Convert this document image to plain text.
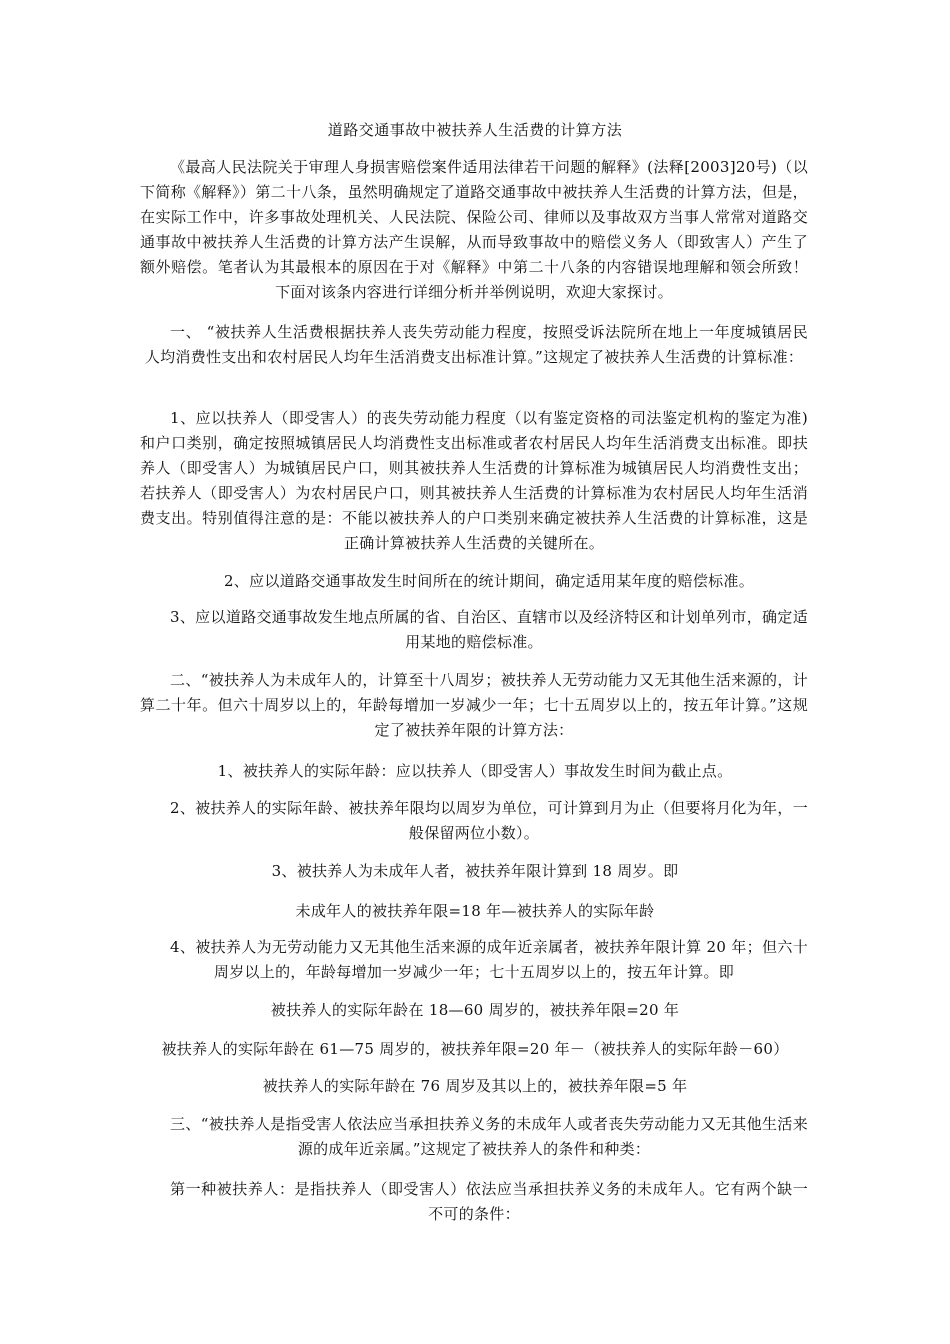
道路交通事故中被扶养人生活费的计算方法
《最高人民法院关于审理人身损害赔偿案件适用法律若干问题的解释》(法释[2003]20号)（以下简称《解释》）第二十八条，虽然明确规定了道路交通事故中被扶养人生活费的计算方法，但是，在实际工作中，许多事故处理机关、人民法院、保险公司、律师以及事故双方当事人常常对道路交通事故中被扶养人生活费的计算方法产生误解，从而导致事故中的赔偿义务人（即致害人）产生了额外赔偿。笔者认为其最根本的原因在于对《解释》中第二十八条的内容错误地理解和领会所致！下面对该条内容进行详细分析并举例说明，欢迎大家探讨。
一、 “被扶养人生活费根据扶养人丧失劳动能力程度，按照受诉法院所在地上一年度城镇居民人均消费性支出和农村居民人均年生活消费支出标准计算。”这规定了被扶养人生活费的计算标准：
1、应以扶养人（即受害人）的丧失劳动能力程度（以有鉴定资格的司法鉴定机构的鉴定为准)和户口类别，确定按照城镇居民人均消费性支出标准或者农村居民人均年生活消费支出标准。即扶养人（即受害人）为城镇居民户口，则其被扶养人生活费的计算标准为城镇居民人均消费性支出；若扶养人（即受害人）为农村居民户口，则其被扶养人生活费的计算标准为农村居民人均年生活消费支出。特别值得注意的是：不能以被扶养人的户口类别来确定被扶养人生活费的计算标准，这是正确计算被扶养人生活费的关键所在。
2、应以道路交通事故发生时间所在的统计期间，确定适用某年度的赔偿标准。
3、应以道路交通事故发生地点所属的省、自治区、直辖市以及经济特区和计划单列市，确定适用某地的赔偿标准。
二、“被扶养人为未成年人的，计算至十八周岁；被扶养人无劳动能力又无其他生活来源的，计算二十年。但六十周岁以上的，年龄每增加一岁减少一年；七十五周岁以上的，按五年计算。”这规定了被扶养年限的计算方法：
1、被扶养人的实际年龄：应以扶养人（即受害人）事故发生时间为截止点。
2、被扶养人的实际年龄、被扶养年限均以周岁为单位，可计算到月为止（但要将月化为年，一般保留两位小数）。
3、被扶养人为未成年人者，被扶养年限计算到 18 周岁。即
未成年人的被扶养年限=18 年—被扶养人的实际年龄
4、被扶养人为无劳动能力又无其他生活来源的成年近亲属者，被扶养年限计算 20 年；但六十周岁以上的，年龄每增加一岁减少一年；七十五周岁以上的，按五年计算。即
被扶养人的实际年龄在 18—60 周岁的，被扶养年限=20 年
被扶养人的实际年龄在 61—75 周岁的，被扶养年限=20 年－（被扶养人的实际年龄－60）
被扶养人的实际年龄在 76 周岁及其以上的，被扶养年限=5 年
三、“被扶养人是指受害人依法应当承担扶养义务的未成年人或者丧失劳动能力又无其他生活来源的成年近亲属。”这规定了被扶养人的条件和种类：
第一种被扶养人：是指扶养人（即受害人）依法应当承担扶养义务的未成年人。它有两个缺一不可的条件：
